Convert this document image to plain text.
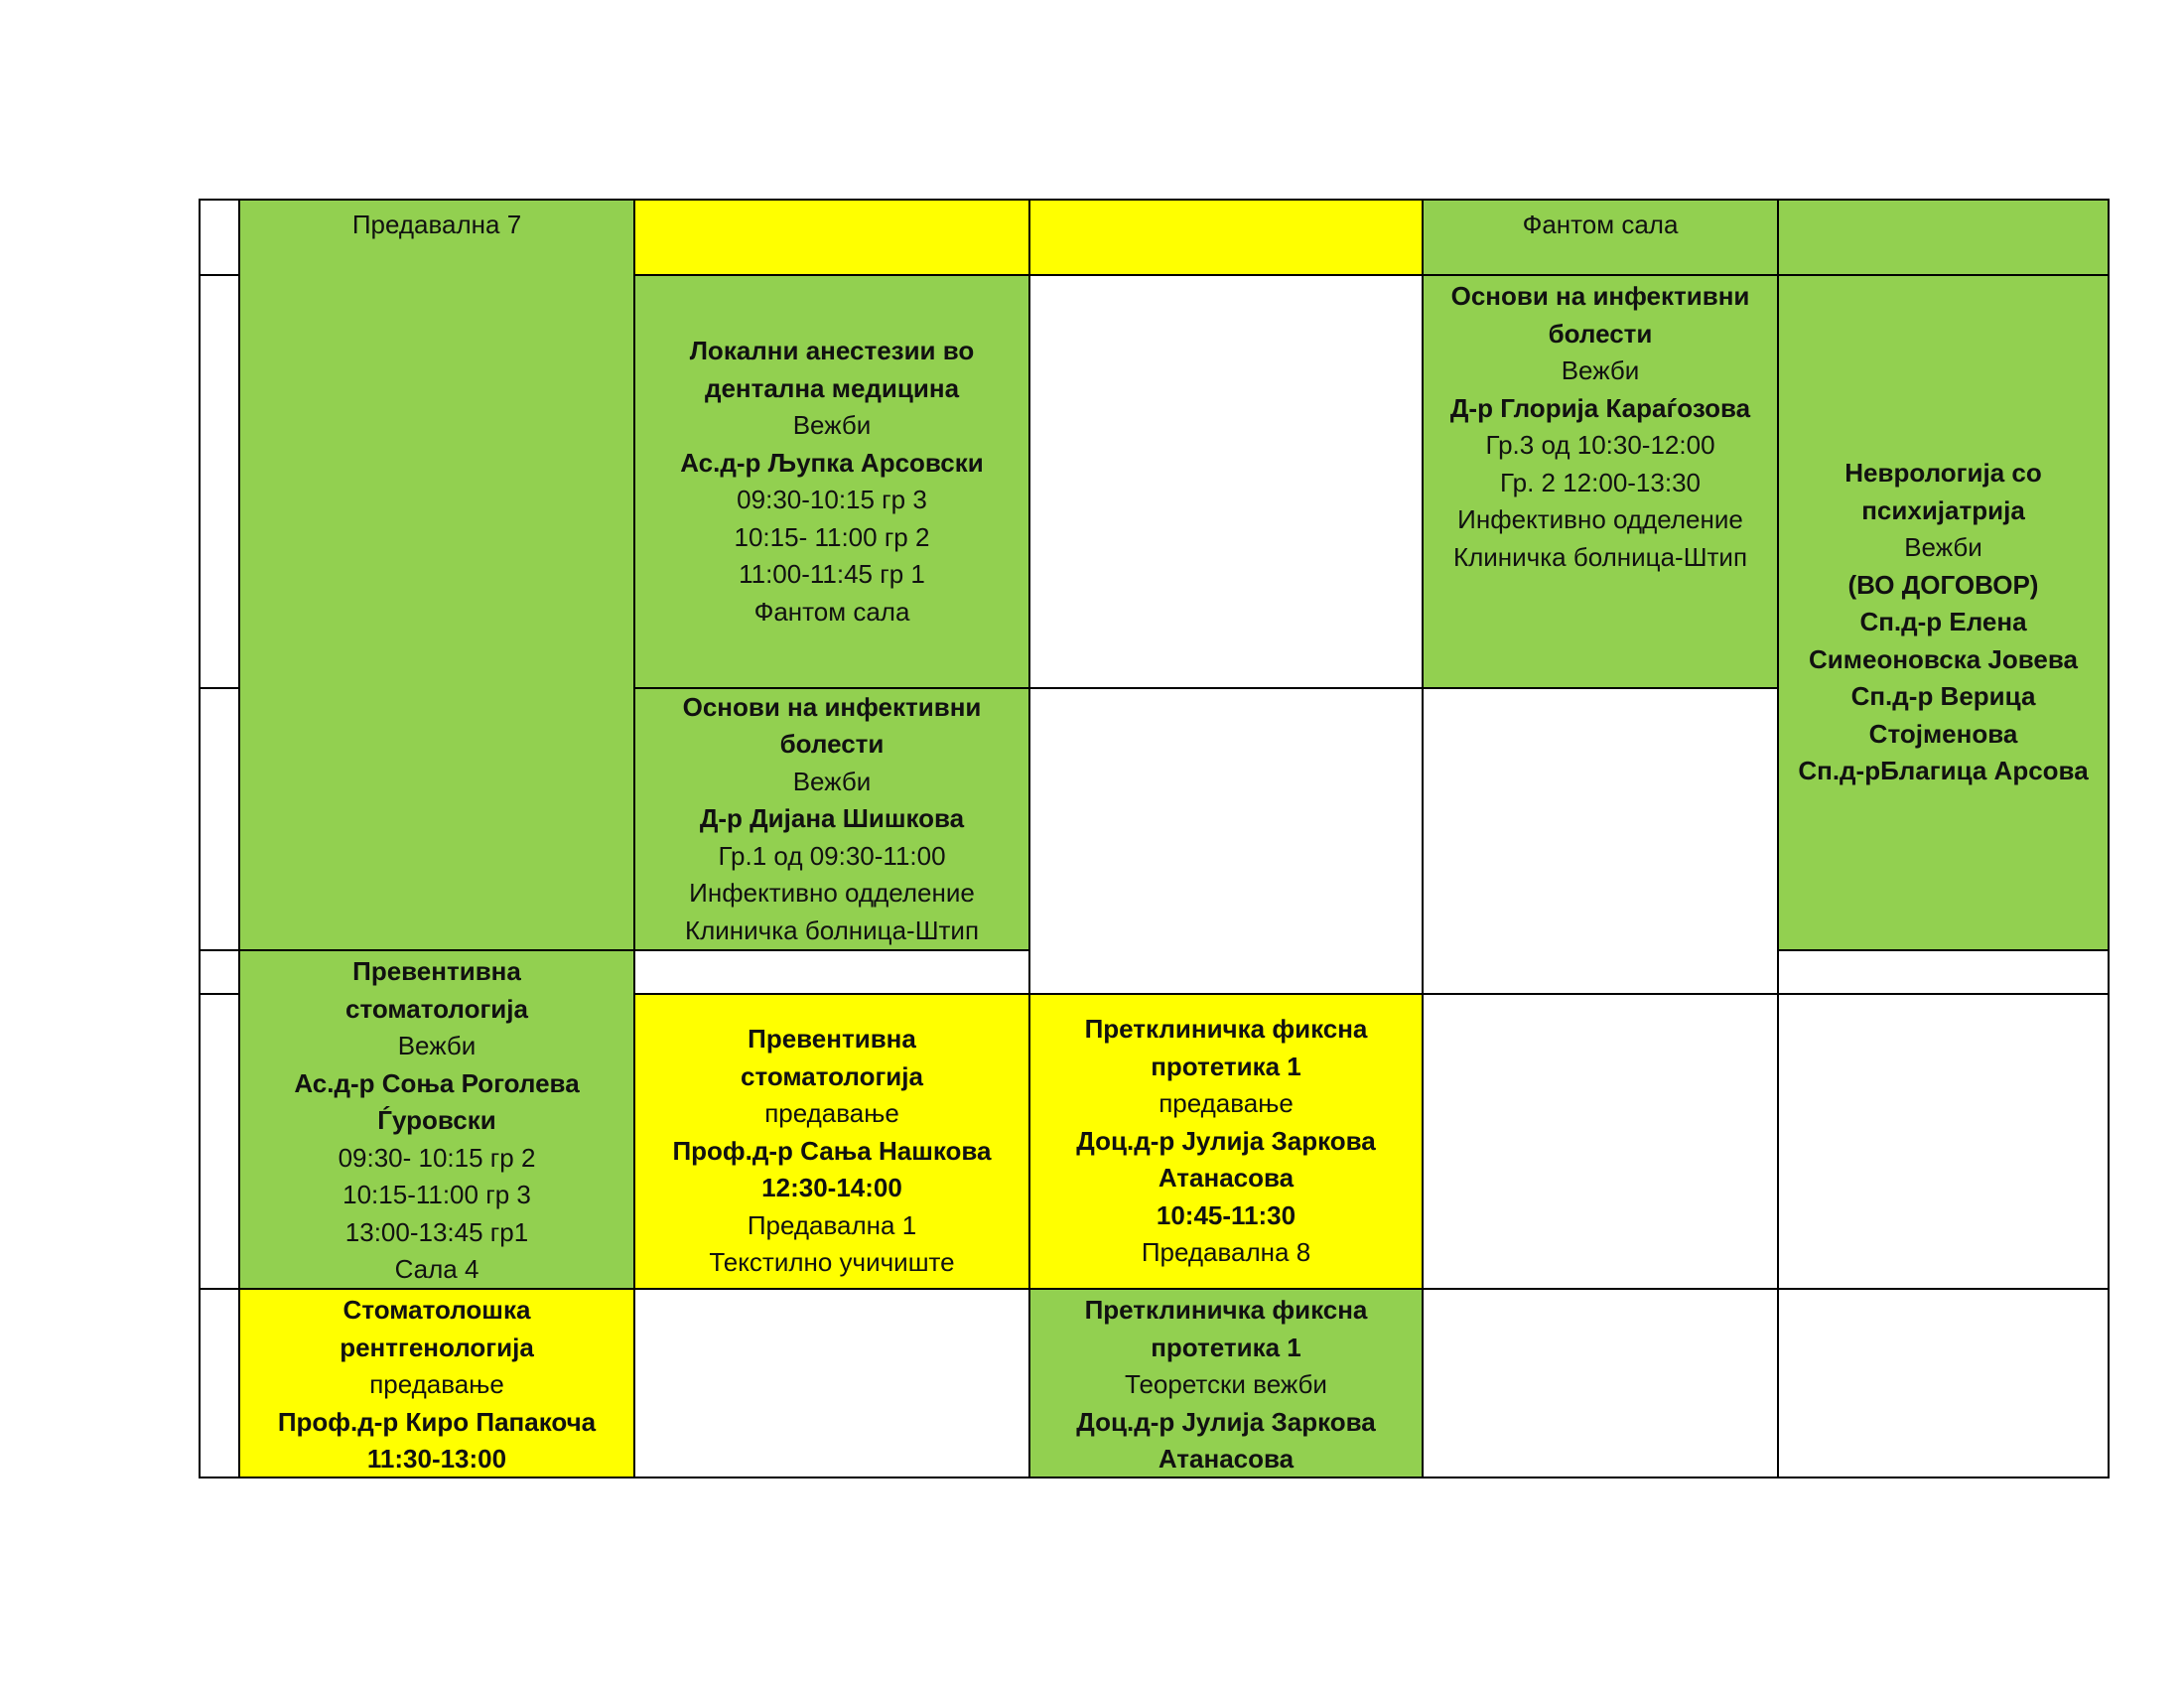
Предавална 7
Превентивна
стоматологија
Вежби
Ас.д-р Соња Роголева
Ѓуровски
09:30- 10:15 гр 2
10:15-11:00 гр 3
13:00-13:45 гр1
Сала 4
Стоматолошка
рентгенологија
предавање
Проф.д-р Киро Папакоча
11:30-13:00
Локални анестезии во
дентална медицина
Вежби
Ас.д-р Љупка Арсовски
09:30-10:15 гр 3
10:15- 11:00 гр 2
11:00-11:45 гр 1
Фантом сала
Основи на инфективни
болести
Вежби
Д-р Дијана Шишкова
Гр.1 од 09:30-11:00
Инфективно одделение
Клиничка болница-Штип
Превентивна
стоматологија
предавање
Проф.д-р Сања Нашкова
12:30-14:00
Предавална 1
Текстилно учичиште
Претклиничка фиксна
протетика 1
предавање
Доц.д-р Јулија Заркова
Атанасова
10:45-11:30
Предавална 8
Претклиничка фиксна
протетика 1
Теоретски вежби
Доц.д-р Јулија Заркова
Атанасова
Фантом сала
Основи на инфективни
болести
Вежби
Д-р Глорија Караѓозова
Гр.3 од 10:30-12:00
Гр. 2 12:00-13:30
Инфективно одделение
Клиничка болница-Штип
Неврологија со
психијатрија
Вежби
(ВО ДОГОВОР)
Сп.д-р Елена
Симеоновска Јовева
Сп.д-р Верица
Стојменова
Сп.д-рБлагица Арсова
